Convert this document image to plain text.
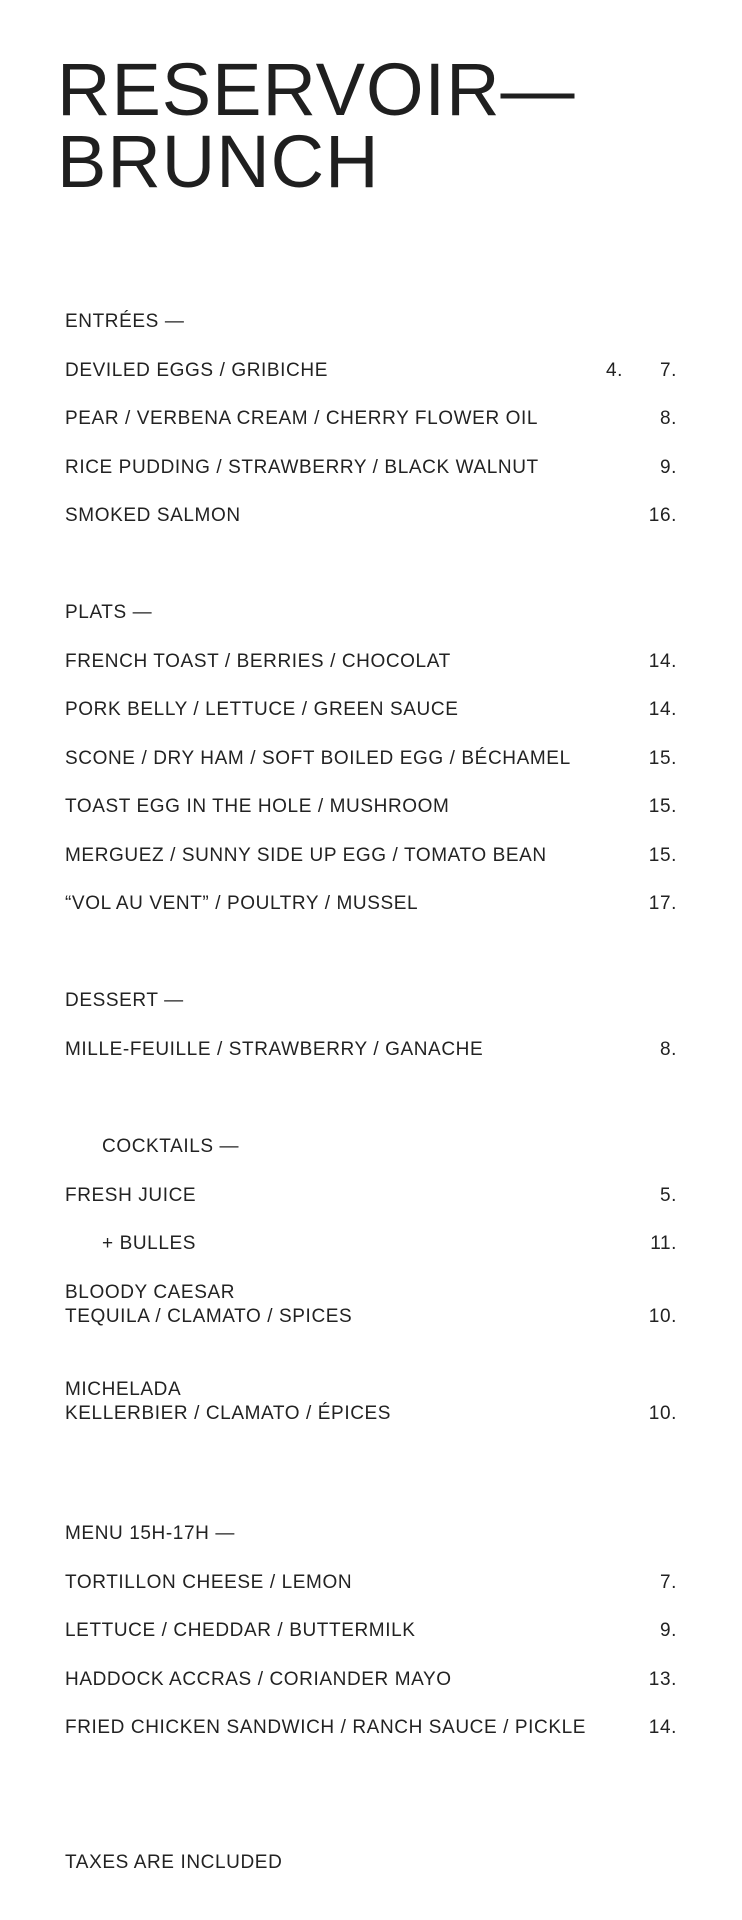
RESERVOIR—
BRUNCH
ENTRÉES —
DEVILED EGGS / GRIBICHE	4. 7.
PEAR / VERBENA CREAM / CHERRY FLOWER OIL	8.
RICE PUDDING / STRAWBERRY / BLACK WALNUT	9.
SMOKED SALMON	16.
PLATS —
FRENCH TOAST / BERRIES / CHOCOLAT	14.
PORK BELLY / LETTUCE / GREEN SAUCE	14.
SCONE / DRY HAM / SOFT BOILED EGG / BÉCHAMEL	15.
TOAST EGG IN THE HOLE / MUSHROOM	15.
MERGUEZ / SUNNY SIDE UP EGG / TOMATO BEAN	15.
“VOL AU VENT” / POULTRY / MUSSEL	17.
DESSERT —
MILLE-FEUILLE / STRAWBERRY / GANACHE	8.
COCKTAILS —
FRESH JUICE	5.
+ BULLES	11.
BLOODY CAESAR
TEQUILA / CLAMATO / SPICES	10.
MICHELADA
KELLERBIER / CLAMATO / ÉPICES	10.
MENU 15H-17H —
TORTILLON CHEESE / LEMON	7.
LETTUCE / CHEDDAR / BUTTERMILK	9.
HADDOCK ACCRAS / CORIANDER MAYO	13.
FRIED CHICKEN SANDWICH / RANCH SAUCE / PICKLE	14.
TAXES ARE INCLUDED
